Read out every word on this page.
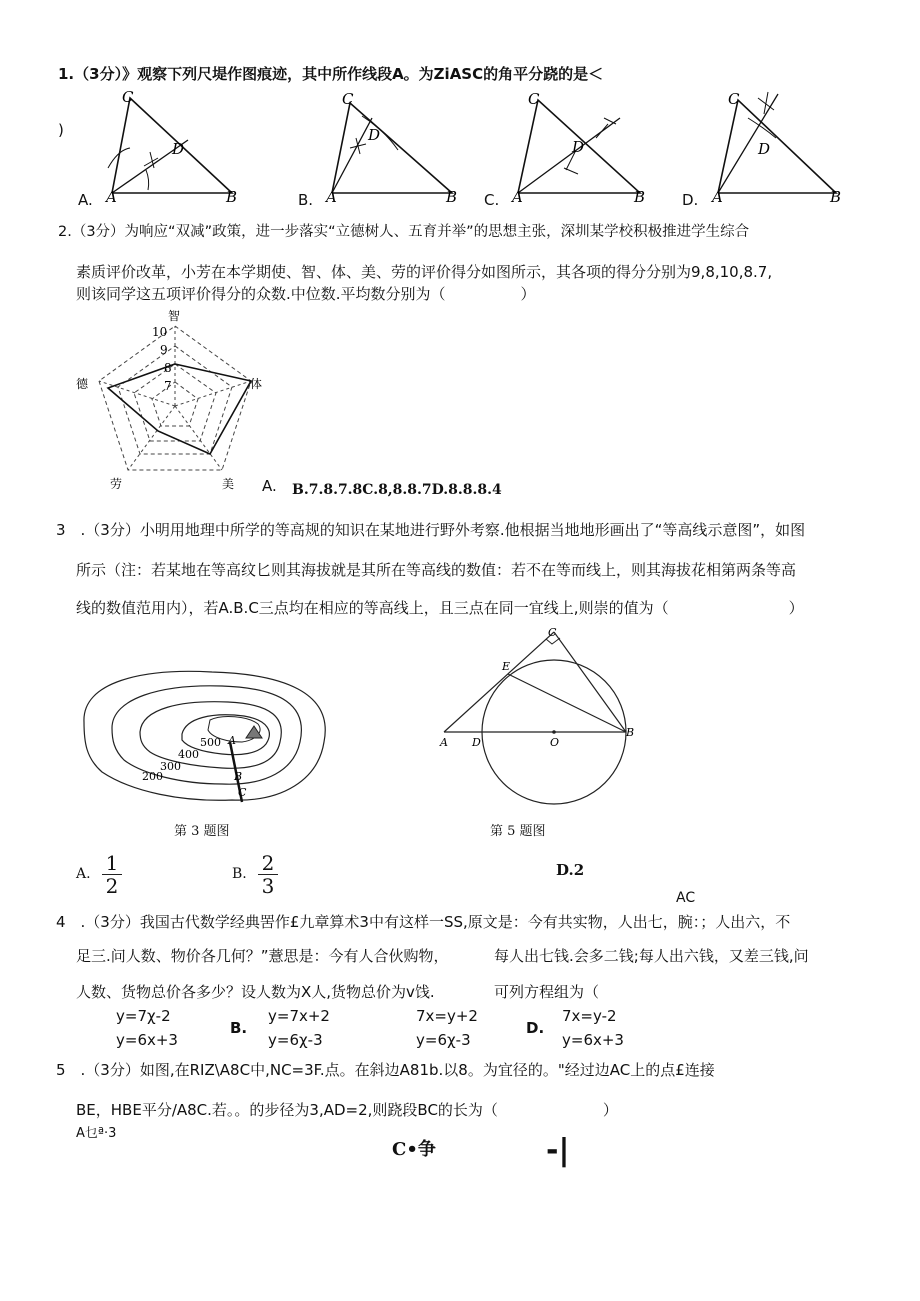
1.（3分）》观察下列尺堤作图痕迹，其中所作线段A。为ZiASC的角平分跷的是＜
)
C
D
A	B
A.
C
D
A	B
B.
C
D
A	B
C.
C
D
A	B
D.
2.（3分）为响应“双减”政策，进一步落实“立德树人、五育并举”的思想主张，深圳某学校积极推进学生综合
素质评价改革，小芳在本学期使、智、体、美、劳的评价得分如图所示，其各项的得分分别为9,8,10,8.7,
则该同学这五项评价得分的众数.中位数.平均数分别为（　　　　　）
智
体
美
劳
德
10
9
8
7
A. B.7.8.7.8C.8,8.8.7D.8.8.8.4
3　.（3分）小明用地理中所学的等高规的知识在某地进行野外考察.他根据当地地形画出了“等高线示意图”，如图
所示（注：若某地在等高纹匕则其海拔就是其所在等高线的数值：若不在等而线上，则其海拔花相第两条等高
线的数值范用内），若A.B.C三点均在相应的等高线上，且三点在同一宜线上,则崇的值为（　　　　　　　　）
500
400
300
200
A
B
C
第 3 题图
C
E
A D	O
B
第 5 题图
A. $\frac{1}{2}$	B. $\frac{2}{3}$	D.2
AC
4　.（3分）我国古代数学经典罟作£九章算术3中有这样一SS,原文是：今有共实物，人出七，腕：；人出六，不
足三.问人数、物价各几何？”薏思是：今有人合伙购物，	每人出七钱.会多二钱;每人出六钱，又差三钱,问
人数、货物总价各多少？设人数为X人,货物总价为v饯.	可列方程组为（
y=7χ-2
y=6x+3
B.
y=7x+2
y=6χ-3
7x=y+2
y=6χ-3
D.
7x=y-2
y=6x+3
5　.（3分）如图,在RIZ\A8C中,NC=3F.点。在斜边A81b.以8。为宜径的。"经过边AC上的点£连接
BE，HBE平分/A8C.若。。的步径为3,AD=2,则跷段BC的长为（　　　　　　　）
A乜ª·3
C•争	-|
